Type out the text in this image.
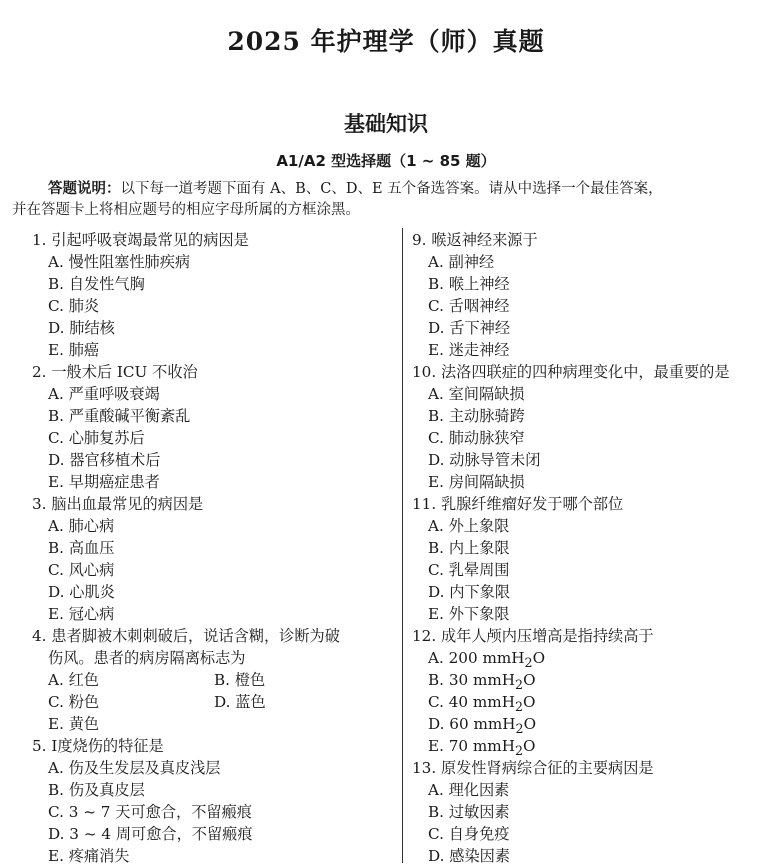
2025 年护理学（师）真题
基础知识
A1/A2 型选择题（1 ~ 85 题）
答题说明：以下每一道考题下面有 A、B、C、D、E 五个备选答案。请从中选择一个最佳答案，
并在答题卡上将相应题号的相应字母所属的方框涂黑。
1. 引起呼吸衰竭最常见的病因是
A. 慢性阻塞性肺疾病
B. 自发性气胸
C. 肺炎
D. 肺结核
E. 肺癌
2. 一般术后 ICU 不收治
A. 严重呼吸衰竭
B. 严重酸碱平衡紊乱
C. 心肺复苏后
D. 器官移植术后
E. 早期癌症患者
3. 脑出血最常见的病因是
A. 肺心病
B. 高血压
C. 风心病
D. 心肌炎
E. 冠心病
4. 患者脚被木刺刺破后，说话含糊，诊断为破
伤风。患者的病房隔离标志为
A. 红色	B. 橙色
C. 粉色	D. 蓝色
E. 黄色
5. Ⅰ度烧伤的特征是
A. 伤及生发层及真皮浅层
B. 伤及真皮层
C. 3 ~ 7 天可愈合，不留瘢痕
D. 3 ~ 4 周可愈合，不留瘢痕
E. 疼痛消失
9. 喉返神经来源于
A. 副神经
B. 喉上神经
C. 舌咽神经
D. 舌下神经
E. 迷走神经
10. 法洛四联症的四种病理变化中，最重要的是
A. 室间隔缺损
B. 主动脉骑跨
C. 肺动脉狭窄
D. 动脉导管未闭
E. 房间隔缺损
11. 乳腺纤维瘤好发于哪个部位
A. 外上象限
B. 内上象限
C. 乳晕周围
D. 内下象限
E. 外下象限
12. 成年人颅内压增高是指持续高于
A. 200 mmH$_2$O
B. 30 mmH$_2$O
C. 40 mmH$_2$O
D. 60 mmH$_2$O
E. 70 mmH$_2$O
13. 原发性肾病综合征的主要病因是
A. 理化因素
B. 过敏因素
C. 自身免疫
D. 感染因素
